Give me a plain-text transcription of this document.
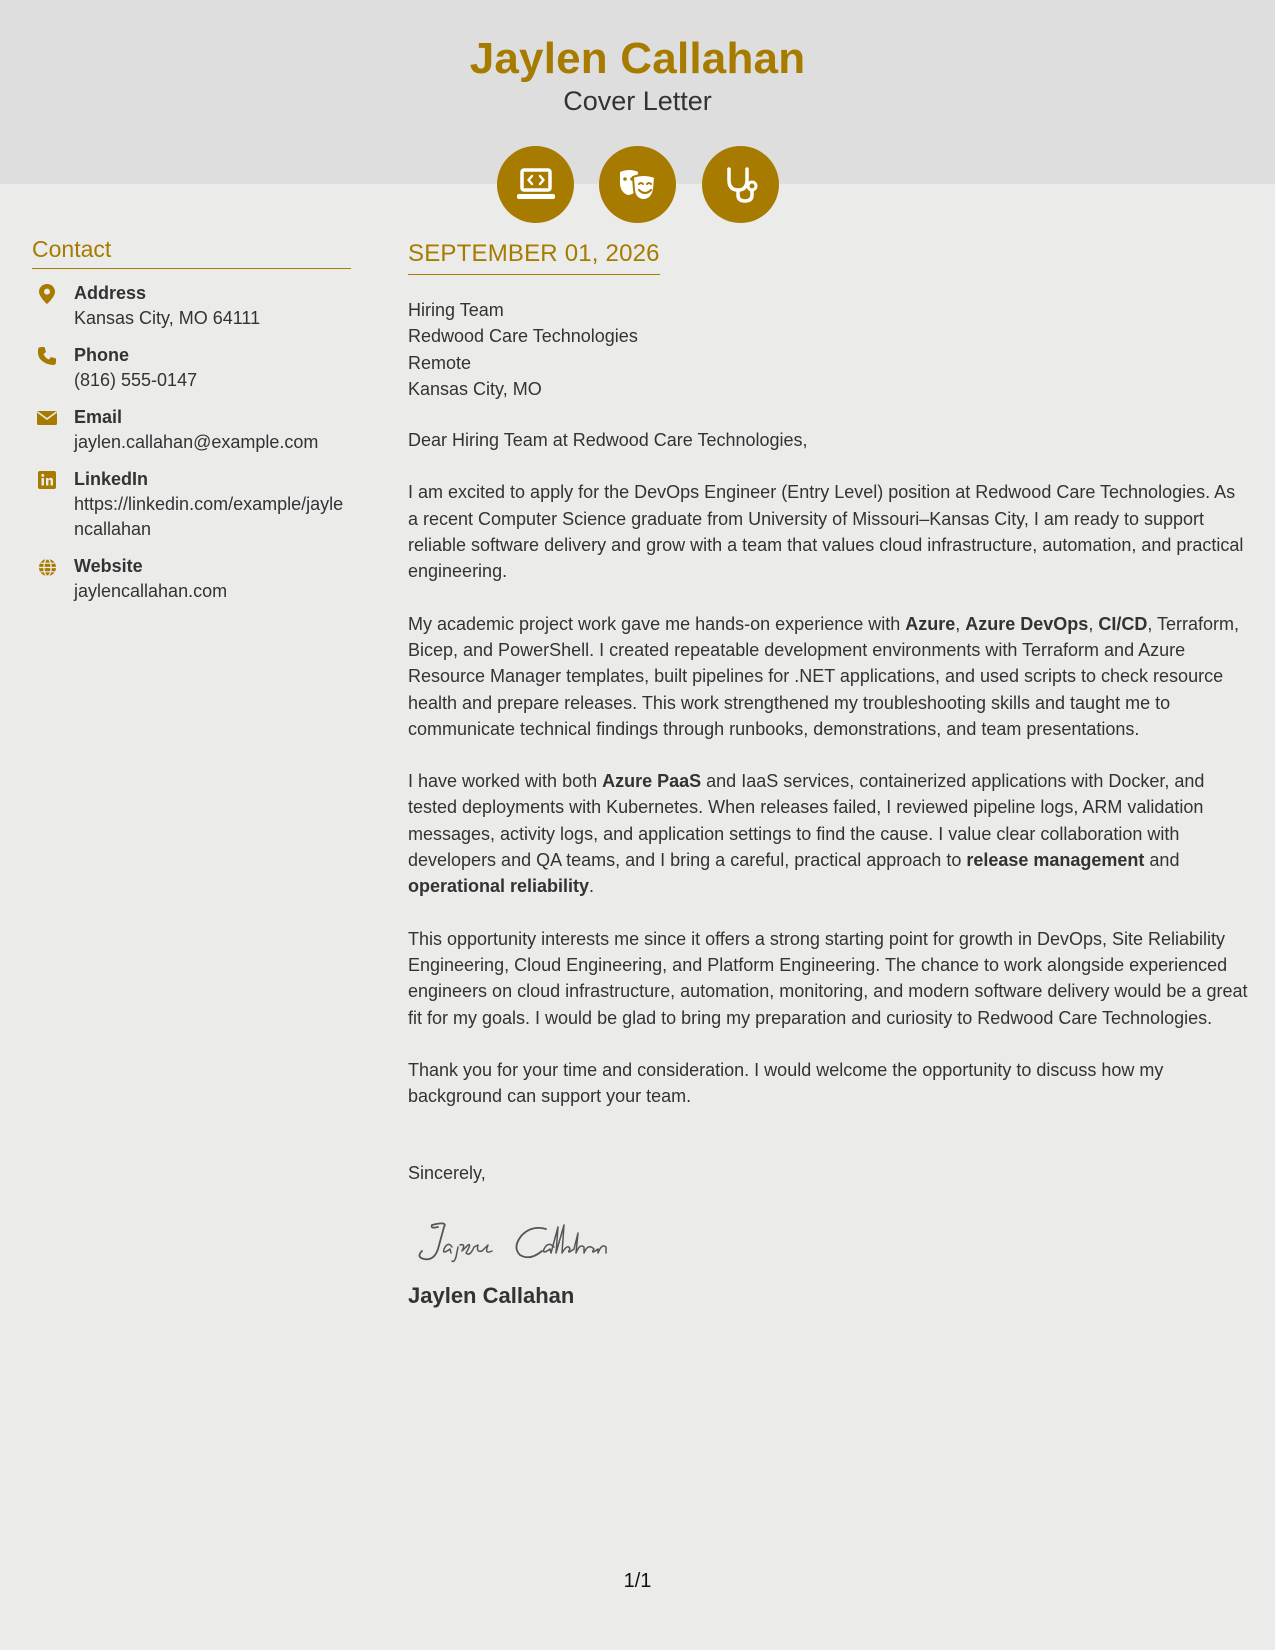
Jaylen Callahan
Cover Letter
Contact
Address
Kansas City, MO 64111
Phone
(816) 555-0147
Email
jaylen.callahan@example.com
LinkedIn
https://linkedin.com/example/jaylencallahan
Website
jaylencallahan.com
SEPTEMBER 01, 2026
Hiring Team
Redwood Care Technologies
Remote
Kansas City, MO
Dear Hiring Team at Redwood Care Technologies,
I am excited to apply for the DevOps Engineer (Entry Level) position at Redwood Care Technologies. As a recent Computer Science graduate from University of Missouri–Kansas City, I am ready to support reliable software delivery and grow with a team that values cloud infrastructure, automation, and practical engineering.
My academic project work gave me hands-on experience with Azure, Azure DevOps, CI/CD, Terraform, Bicep, and PowerShell. I created repeatable development environments with Terraform and Azure Resource Manager templates, built pipelines for .NET applications, and used scripts to check resource health and prepare releases. This work strengthened my troubleshooting skills and taught me to communicate technical findings through runbooks, demonstrations, and team presentations.
I have worked with both Azure PaaS and IaaS services, containerized applications with Docker, and tested deployments with Kubernetes. When releases failed, I reviewed pipeline logs, ARM validation messages, activity logs, and application settings to find the cause. I value clear collaboration with developers and QA teams, and I bring a careful, practical approach to release management and operational reliability.
This opportunity interests me since it offers a strong starting point for growth in DevOps, Site Reliability Engineering, Cloud Engineering, and Platform Engineering. The chance to work alongside experienced engineers on cloud infrastructure, automation, monitoring, and modern software delivery would be a great fit for my goals. I would be glad to bring my preparation and curiosity to Redwood Care Technologies.
Thank you for your time and consideration. I would welcome the opportunity to discuss how my background can support your team.
Sincerely,
Jaylen Callahan
1/1
